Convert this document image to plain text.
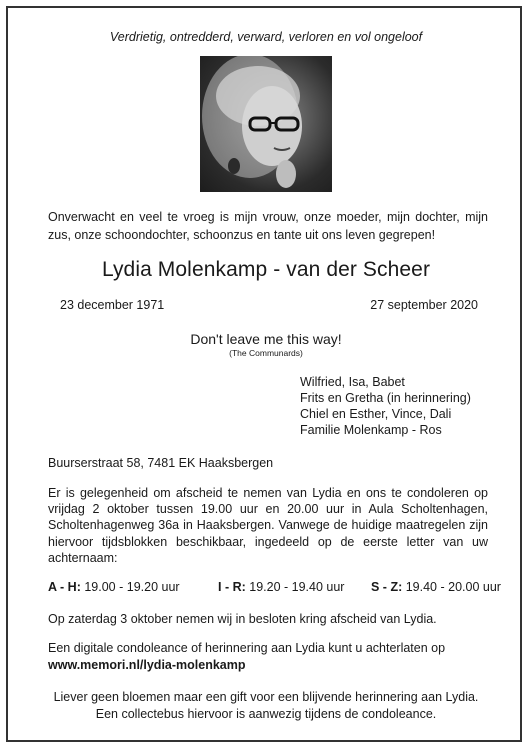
Verdrietig, ontredderd, verward, verloren en vol ongeloof
Onverwacht en veel te vroeg is mijn vrouw, onze moeder, mijn dochter, mijn zus, onze schoondochter, schoonzus en tante uit ons leven gegrepen!
Lydia Molenkamp - van der Scheer
23 december 1971	27 september 2020
Don't leave me this way!
(The Communards)
Wilfried, Isa, Babet
Frits en Gretha (in herinnering)
Chiel en Esther, Vince, Dali
Familie Molenkamp - Ros
Buurserstraat 58, 7481 EK Haaksbergen
Er is gelegenheid om afscheid te nemen van Lydia en ons te condoleren op vrijdag 2 oktober tussen 19.00 uur en 20.00 uur in Aula Scholtenhagen, Scholtenhagenweg 36a in Haaksbergen. Vanwege de huidige maatregelen zijn hiervoor tijdsblokken beschikbaar, ingedeeld op de eerste letter van uw achternaam:
A - H: 19.00 - 19.20 uur	I - R: 19.20 - 19.40 uur S - Z: 19.40 - 20.00 uur
Op zaterdag 3 oktober nemen wij in besloten kring afscheid van Lydia.
Een digitale condoleance of herinnering aan Lydia kunt u achterlaten op
www.memori.nl/lydia-molenkamp
Liever geen bloemen maar een gift voor een blijvende herinnering aan Lydia.
Een collectebus hiervoor is aanwezig tijdens de condoleance.
